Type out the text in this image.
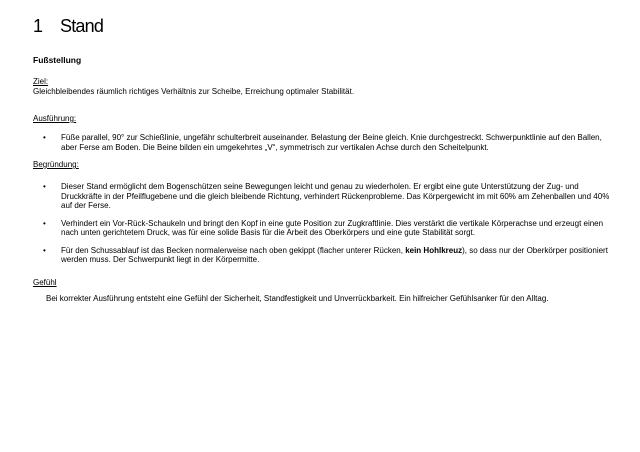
1 Stand
Fußstellung
Ziel:
Gleichbleibendes räumlich richtiges Verhältnis zur Scheibe, Erreichung optimaler Stabilität.
Ausführung:
• Füße parallel, 90° zur Schießlinie, ungefähr schulterbreit auseinander. Belastung der Beine gleich. Knie durchgestreckt. Schwerpunktlinie auf den Ballen, aber Ferse am Boden. Die Beine bilden ein umgekehrtes „V“, symmetrisch zur vertikalen Achse durch den Scheitelpunkt.
Begründung:
• Dieser Stand ermöglicht dem Bogenschützen seine Bewegungen leicht und genau zu wiederholen. Er ergibt eine gute Unterstützung der Zug- und Druckkräfte in der Pfeilflugebene und die gleich bleibende Richtung, verhindert Rückenprobleme. Das Körpergewicht im mit 60% am Zehenballen und 40% auf der Ferse.
• Verhindert ein Vor-Rück-Schaukeln und bringt den Kopf in eine gute Position zur Zugkraftlinie. Dies verstärkt die vertikale Körperachse und erzeugt einen nach unten gerichtetem Druck, was für eine solide Basis für die Arbeit des Oberkörpers und eine gute Stabilität sorgt.
• Für den Schussablauf ist das Becken normalerweise nach oben gekippt (flacher unterer Rücken, kein Hohlkreuz), so dass nur der Oberkörper positioniert werden muss. Der Schwerpunkt liegt in der Körpermitte.
Gefühl
Bei korrekter Ausführung entsteht eine Gefühl der Sicherheit, Standfestigkeit und Unverrückbarkeit. Ein hilfreicher Gefühlsanker für den Alltag.
